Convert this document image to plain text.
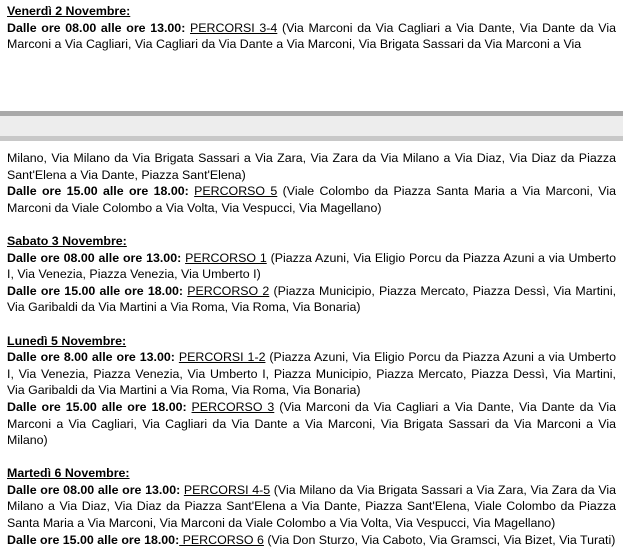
Venerdì 2 Novembre:

Dalle ore 08.00 alle ore 13.00: PERCORSI 3-4 (Via Marconi da Via Cagliari a Via Dante, Via Dante da Via Marconi a Via Cagliari, Via Cagliari da Via Dante a Via Marconi, Via Brigata Sassari da Via Marconi a Via

Milano, Via Milano da Via Brigata Sassari a Via Zara, Via Zara da Via Milano a Via Diaz, Via Diaz da Piazza Sant'Elena a Via Dante, Piazza Sant'Elena)

Dalle ore 15.00 alle ore 18.00: PERCORSO 5 (Viale Colombo da Piazza Santa Maria a Via Marconi, Via Marconi da Viale Colombo a Via Volta, Via Vespucci, Via Magellano)

Sabato 3 Novembre:

Dalle ore 08.00 alle ore 13.00: PERCORSO 1 (Piazza Azuni, Via Eligio Porcu da Piazza Azuni a via Umberto I, Via Venezia, Piazza Venezia, Via Umberto I)

Dalle ore 15.00 alle ore 18.00: PERCORSO 2 (Piazza Municipio, Piazza Mercato, Piazza Dessì, Via Martini, Via Garibaldi da Via Martini a Via Roma, Via Roma, Via Bonaria)

Lunedì 5 Novembre:

Dalle ore 8.00 alle ore 13.00: PERCORSI 1-2 (Piazza Azuni, Via Eligio Porcu da Piazza Azuni a via Umberto I, Via Venezia, Piazza Venezia, Via Umberto I, Piazza Municipio, Piazza Mercato, Piazza Dessì, Via Martini, Via Garibaldi da Via Martini a Via Roma, Via Roma, Via Bonaria)

Dalle ore 15.00 alle ore 18.00: PERCORSO 3 (Via Marconi da Via Cagliari a Via Dante, Via Dante da Via Marconi a Via Cagliari, Via Cagliari da Via Dante a Via Marconi, Via Brigata Sassari da Via Marconi a Via Milano)

Martedì 6 Novembre:

Dalle ore 08.00 alle ore 13.00: PERCORSI 4-5 (Via Milano da Via Brigata Sassari a Via Zara, Via Zara da Via Milano a Via Diaz, Via Diaz da Piazza Sant'Elena a Via Dante, Piazza Sant'Elena, Viale Colombo da Piazza Santa Maria a Via Marconi, Via Marconi da Viale Colombo a Via Volta, Via Vespucci, Via Magellano)

Dalle ore 15.00 alle ore 18.00: PERCORSO 6 (Via Don Sturzo, Via Caboto, Via Gramsci, Via Bizet, Via Turati)
